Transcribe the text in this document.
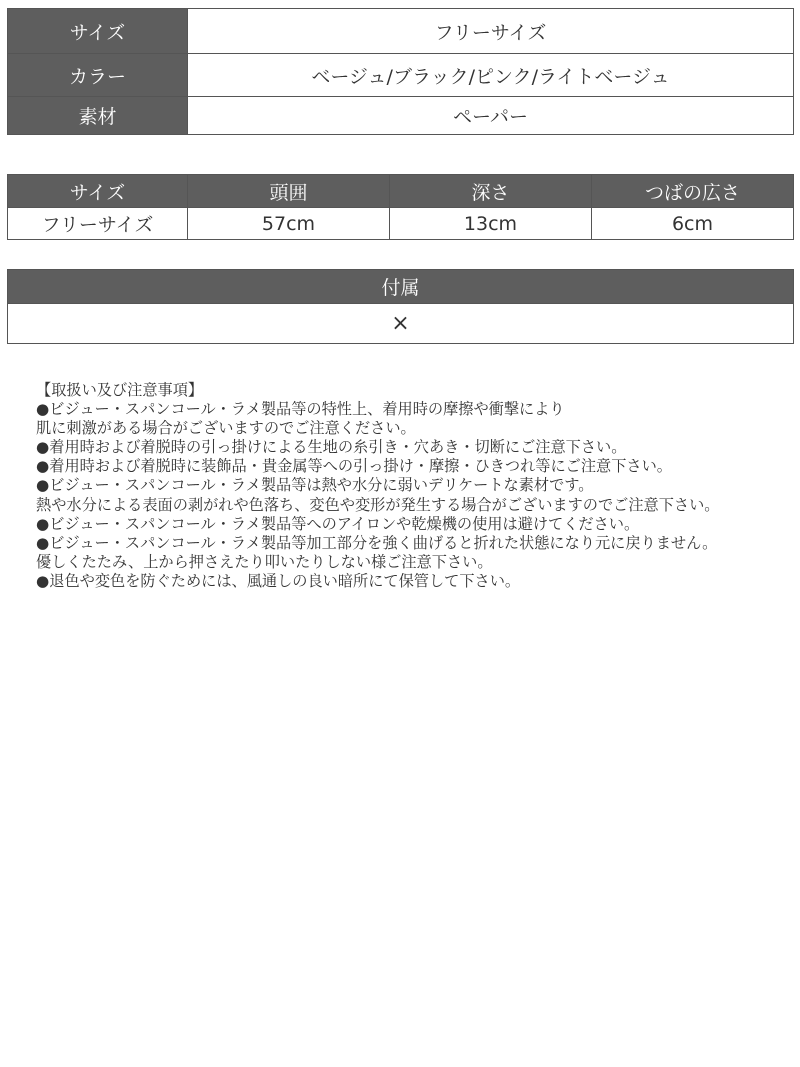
サイズ	フリーサイズ
カラー	ベージュ/ブラック/ピンク/ライトベージュ
素材	ペーパー
サイズ	頭囲	深さ	つばの広さ
フリーサイズ	57cm	13cm	6cm
付属
×
【取扱い及び注意事項】
●ビジュー・スパンコール・ラメ製品等の特性上、着用時の摩擦や衝撃により
肌に刺激がある場合がございますのでご注意ください。
●着用時および着脱時の引っ掛けによる生地の糸引き・穴あき・切断にご注意下さい。
●着用時および着脱時に装飾品・貴金属等への引っ掛け・摩擦・ひきつれ等にご注意下さい。
●ビジュー・スパンコール・ラメ製品等は熱や水分に弱いデリケートな素材です。
熱や水分による表面の剥がれや色落ち、変色や変形が発生する場合がございますのでご注意下さい。
●ビジュー・スパンコール・ラメ製品等へのアイロンや乾燥機の使用は避けてください。
●ビジュー・スパンコール・ラメ製品等加工部分を強く曲げると折れた状態になり元に戻りません。
優しくたたみ、上から押さえたり叩いたりしない様ご注意下さい。
●退色や変色を防ぐためには、風通しの良い暗所にて保管して下さい。
